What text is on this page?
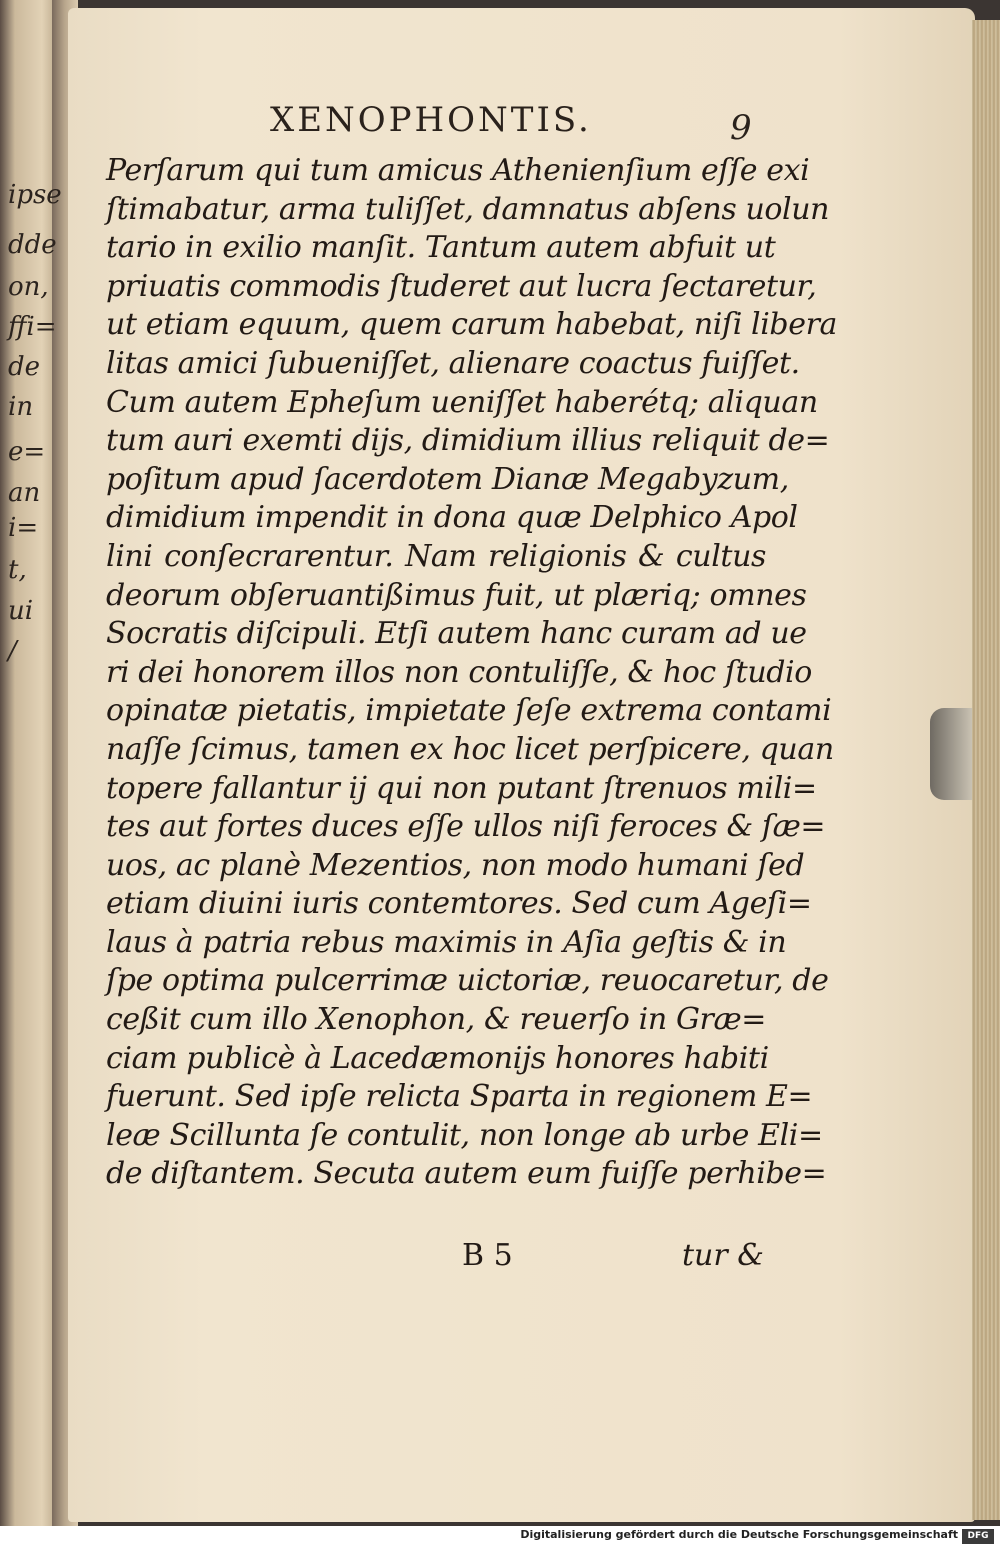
ipse
dde
on,
ffi=
de
in
e=
an
i=
t,
ui
/
XENOPHONTIS.	9
Perſarum qui tum amicus Athenienſium eſſe exi
ſtimabatur, arma tuliſſet, damnatus abſens uolun
tario in exilio manſit. Tantum autem abfuit ut
priuatis commodis ſtuderet aut lucra ſectaretur,
ut etiam equum, quem carum habebat, niſi libera
litas amici ſubueniſſet, alienare coactus fuiſſet.
Cum autem Epheſum ueniſſet haberétq; aliquan
tum auri exemti dijs, dimidium illius reliquit de=
poſitum apud ſacerdotem Dianæ Megabyzum,
dimidium impendit in dona quæ Delphico Apol
lini conſecrarentur. Nam religionis & cultus
deorum obſeruantißimus fuit, ut plæriq; omnes
Socratis diſcipuli. Etſi autem hanc curam ad ue
ri dei honorem illos non contuliſſe, & hoc ſtudio
opinatæ pietatis, impietate ſeſe extrema contami
naſſe ſcimus, tamen ex hoc licet perſpicere, quan
topere fallantur ij qui non putant ſtrenuos mili=
tes aut fortes duces eſſe ullos niſi feroces & ſæ=
uos, ac planè Mezentios, non modo humani ſed
etiam diuini iuris contemtores. Sed cum Ageſi=
laus à patria rebus maximis in Aſia geſtis & in
ſpe optima pulcerrimæ uictoriæ, reuocaretur, de
ceßit cum illo Xenophon, & reuerſo in Græ=
ciam publicè à Lacedæmonijs honores habiti
fuerunt. Sed ipſe relicta Sparta in regionem E=
leæ Scillunta ſe contulit, non longe ab urbe Eli=
de diſtantem. Secuta autem eum fuiſſe perhibe=
B 5	tur &
Digitalisierung gefördert durch die Deutsche Forschungsgemeinschaft	DFG
